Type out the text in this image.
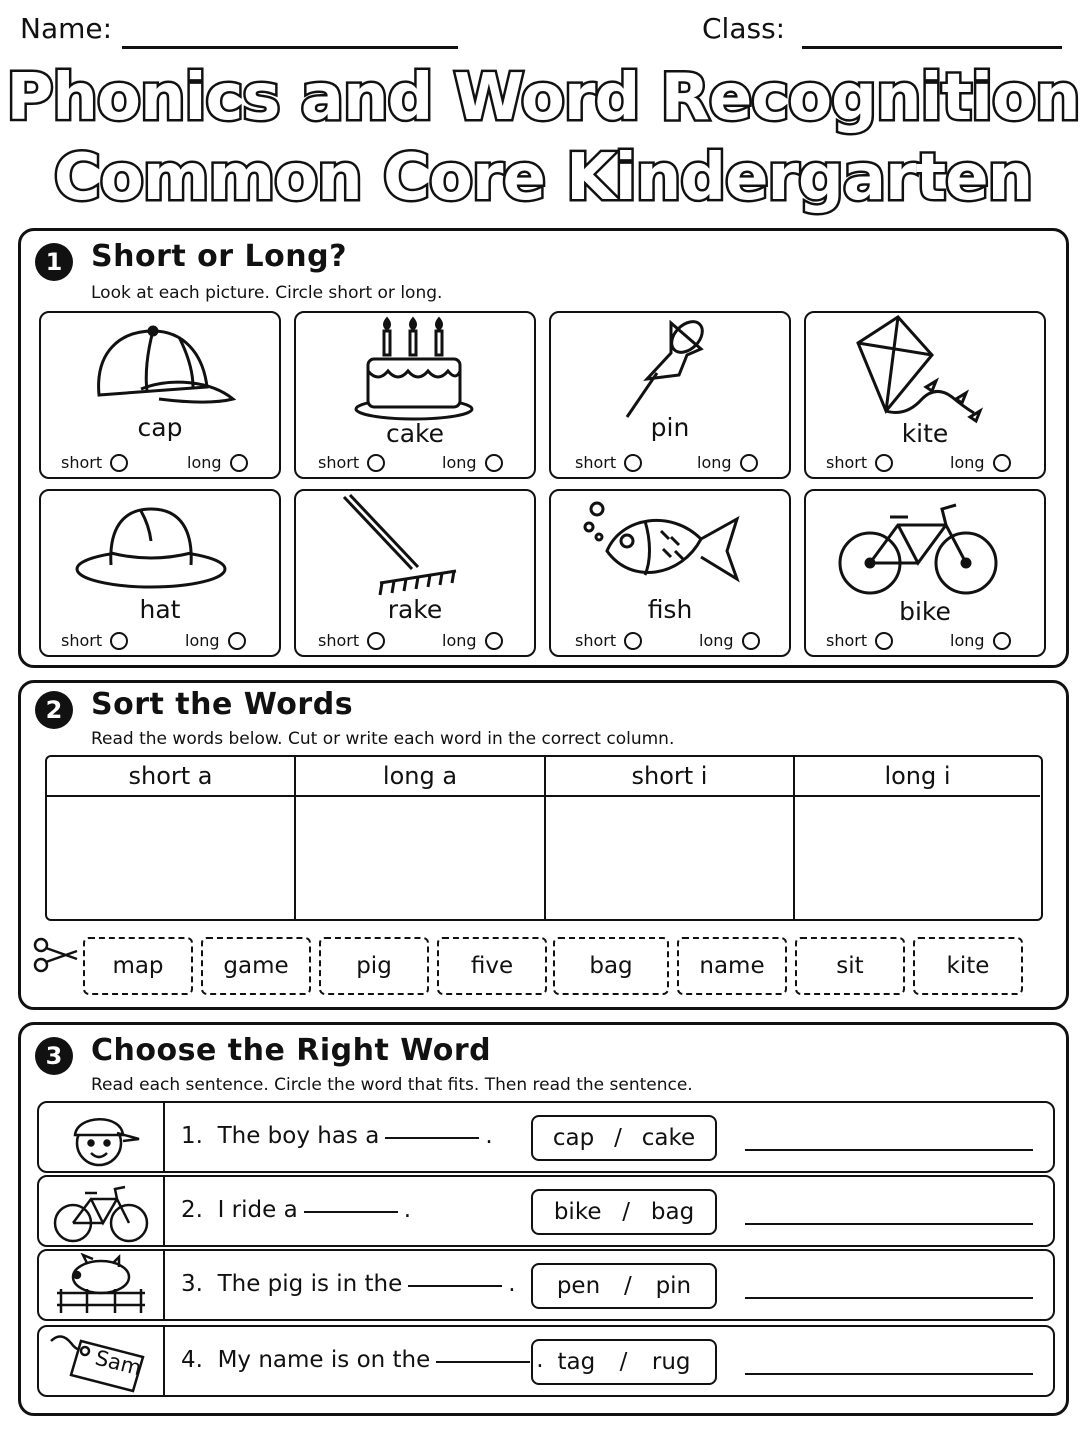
Name:	Class:
Phonics and Word Recognition
Common Core Kindergarten
1 Short or Long?
Look at each picture. Circle short or long.
cap
short	long
cake
short	long
pin
short	long
kite
short	long
hat
short	long
rake
short	long
fish
short	long
bike
short	long
2 Sort the Words
Read the words below. Cut or write each word in the correct column.
short a	long a	short i	long i
map	game	pig	five	bag	name	sit	kite
3 Choose the Right Word
Read each sentence. Circle the word that fits. Then read the sentence.
1. The boy has a	.	cap / cake
2. I ride a	.	bike / bag
3. The pig is in the	. pen / pin
Sam 4. My name is on the	. tag / rug
